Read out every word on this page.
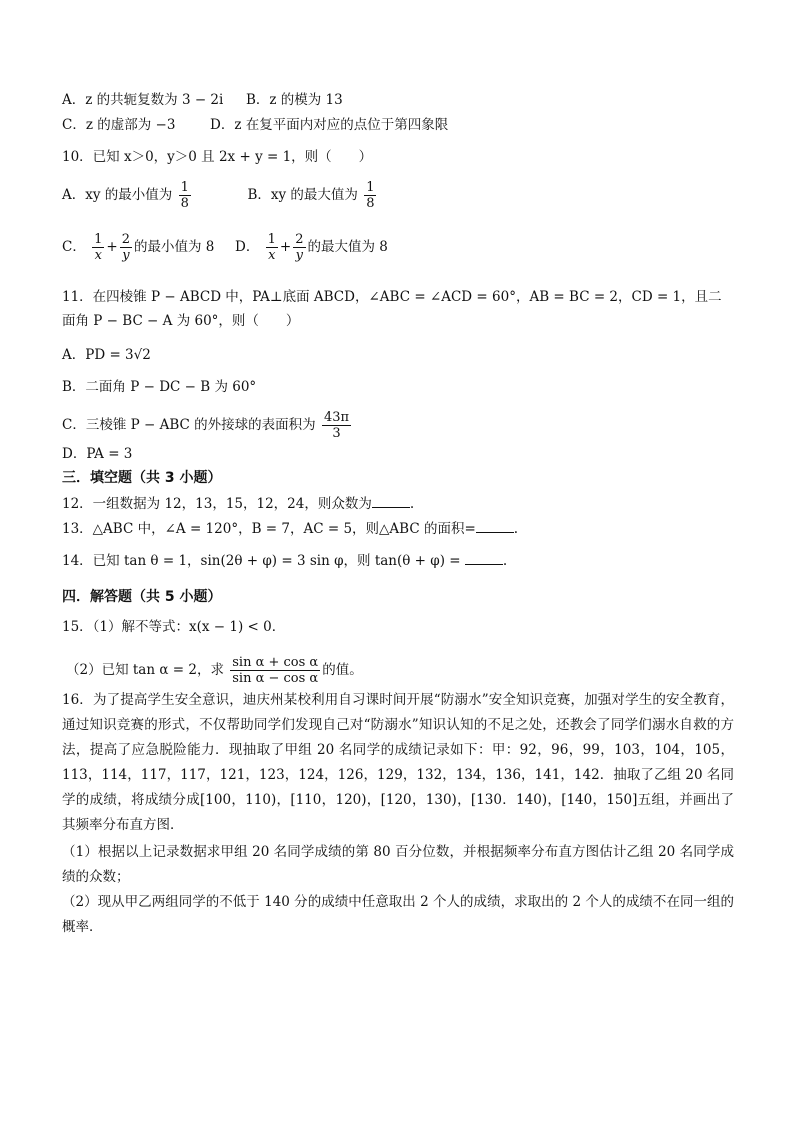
A．z 的共轭复数为 3 − 2i B．z 的模为 13
C．z 的虚部为 −3	D．z 在复平面内对应的点位于第四象限
10．已知 x＞0，y＞0 且 2x + y = 1，则（　　）
A．xy 的最小值为 $\frac{1}{8}$	B．xy 的最大值为 $\frac{1}{8}$
C． $\frac{1}{x} + \frac{2}{y}$ 的最小值为 8 D． $\frac{1}{x} + \frac{2}{y}$ 的最大值为 8
11．在四棱锥 P − ABCD 中，PA⊥底面 ABCD，∠ABC = ∠ACD = 60°，AB = BC = 2，CD = 1，且二
面角 P − BC − A 为 60°，则（　　）
A．PD = 3√2
B．二面角 P − DC − B 为 60°
C．三棱锥 P − ABC 的外接球的表面积为 $\frac{43\pi}{3}$
D．PA = 3
三．填空题（共 3 小题）
12．一组数据为 12，13，15，12，24，则众数为	.
13．△ABC 中，∠A = 120°，B = 7，AC = 5，则△ABC 的面积=	.
14．已知 tan θ = 1，sin(2θ + φ) = 3 sin φ，则 tan(θ + φ) =	.
四．解答题（共 5 小题）
15．（1）解不等式：x(x − 1) < 0．
（2）已知 tan α = 2，求 $\frac{\text{sin α + cos α}}{\text{sin α − cos α}}$ 的值。
16．为了提高学生安全意识，迪庆州某校利用自习课时间开展“防溺水”安全知识竞赛，加强对学生的安全教育，通过知识竞赛的形式，不仅帮助同学们发现自己对“防溺水”知识认知的不足之处，还教会了同学们溺水自救的方法，提高了应急脱险能力．现抽取了甲组 20 名同学的成绩记录如下：甲：92，96，99，103，104，105，113，114，117，117，121，123，124，126，129，132，134，136，141，142．抽取了乙组 20 名同学的成绩，将成绩分成[100，110)，[110，120)，[120，130)，[130．140)，[140，150]五组，并画出了其频率分布直方图．
（1）根据以上记录数据求甲组 20 名同学成绩的第 80 百分位数，并根据频率分布直方图估计乙组 20 名同学成绩的众数；
（2）现从甲乙两组同学的不低于 140 分的成绩中任意取出 2 个人的成绩，求取出的 2 个人的成绩不在同一组的概率．
